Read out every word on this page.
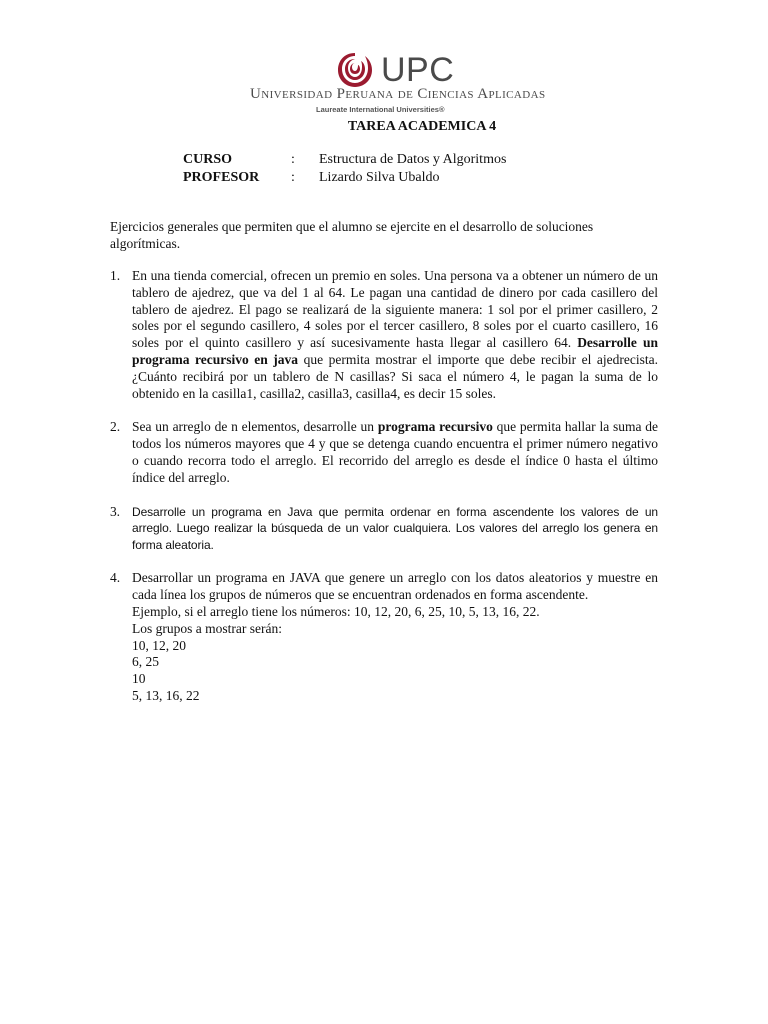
UPC
Universidad Peruana de Ciencias Aplicadas
Laureate International Universities®
TAREA ACADEMICA 4
CURSO	:	Estructura de Datos y Algoritmos
PROFESOR	:	Lizardo Silva Ubaldo
Ejercicios generales que permiten que el alumno se ejercite en el desarrollo de soluciones algorítmicas.
1. En una tienda comercial, ofrecen un premio en soles. Una persona va a obtener un número de un tablero de ajedrez, que va del 1 al 64. Le pagan una cantidad de dinero por cada casillero del tablero de ajedrez. El pago se realizará de la siguiente manera: 1 sol por el primer casillero, 2 soles por el segundo casillero, 4 soles por el tercer casillero, 8 soles por el cuarto casillero, 16 soles por el quinto casillero y así sucesivamente hasta llegar al casillero 64. Desarrolle un programa recursivo en java que permita mostrar el importe que debe recibir el ajedrecista. ¿Cuánto recibirá por un tablero de N casillas? Si saca el número 4, le pagan la suma de lo obtenido en la casilla1, casilla2, casilla3, casilla4, es decir 15 soles.
2. Sea un arreglo de n elementos, desarrolle un programa recursivo que permita hallar la suma de todos los números mayores que 4 y que se detenga cuando encuentra el primer número negativo o cuando recorra todo el arreglo. El recorrido del arreglo es desde el índice 0 hasta el último índice del arreglo.
3. Desarrolle un programa en Java que permita ordenar en forma ascendente los valores de un arreglo. Luego realizar la búsqueda de un valor cualquiera. Los valores del arreglo los genera en forma aleatoria.
4. Desarrollar un programa en JAVA que genere un arreglo con los datos aleatorios y muestre en cada línea los grupos de números que se encuentran ordenados en forma ascendente.
Ejemplo, si el arreglo tiene los números: 10, 12, 20, 6, 25, 10, 5, 13, 16, 22.
Los grupos a mostrar serán:
10, 12, 20
6, 25
10
5, 13, 16, 22
